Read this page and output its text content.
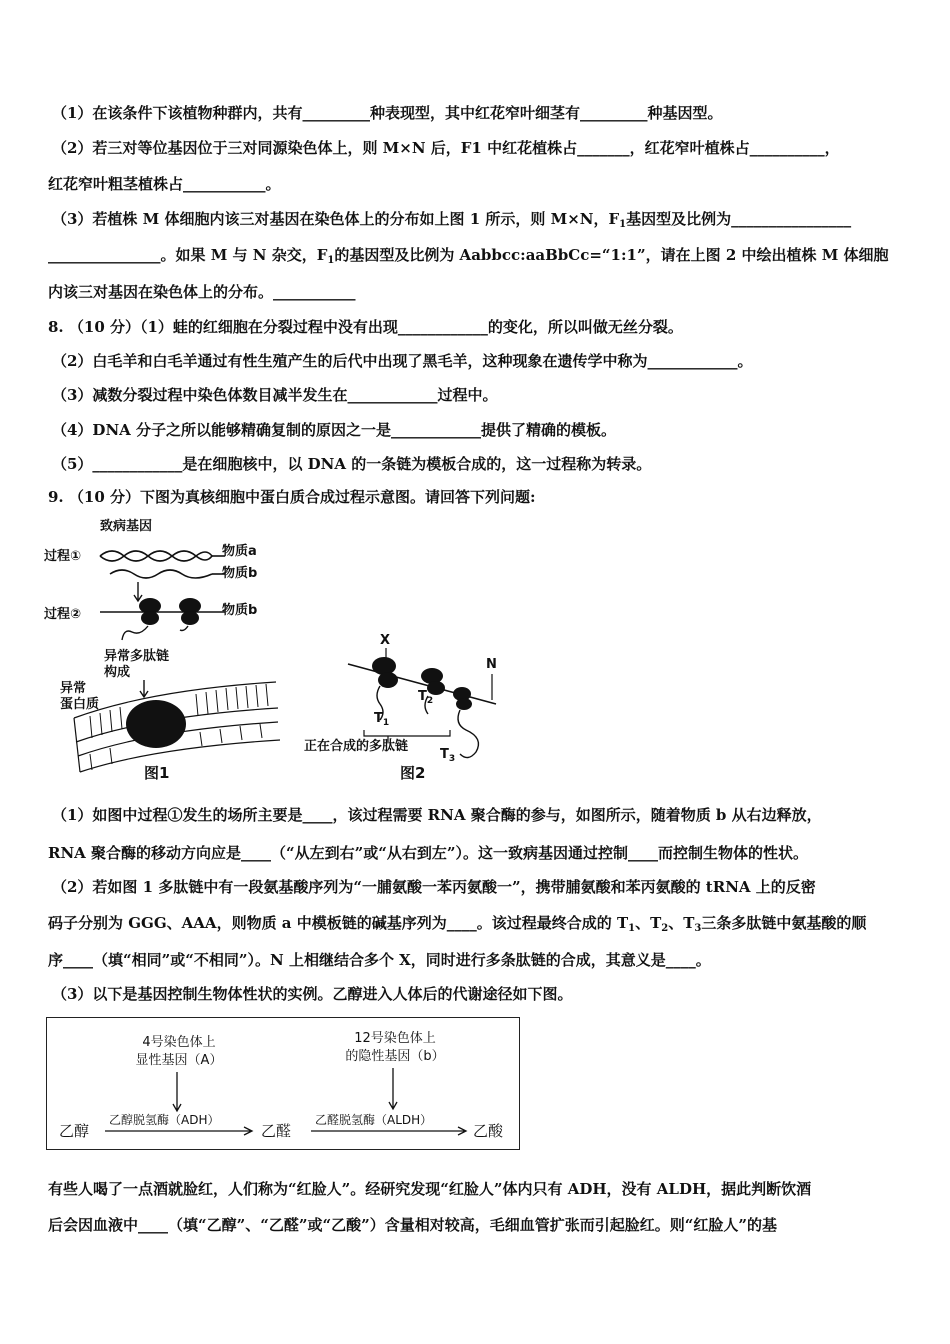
（1）在该条件下该植物种群内，共有_________种表现型，其中红花窄叶细茎有_________种基因型。
（2）若三对等位基因位于三对同源染色体上，则 M×N 后，F1 中红花植株占_______，红花窄叶植株占__________，
红花窄叶粗茎植株占___________。
（3）若植株 M 体细胞内该三对基因在染色体上的分布如上图 1 所示，则 M×N，$F_1$基因型及比例为________________
_______________。如果 M 与 N 杂交，$F_1$的基因型及比例为 Aabbcc:aaBbCc=“1:1”，请在上图 2 中绘出植株 M 体细胞
内该三对基因在染色体上的分布。___________
8. （10 分）（1）蛙的红细胞在分裂过程中没有出现____________的变化，所以叫做无丝分裂。
（2）白毛羊和白毛羊通过有性生殖产生的后代中出现了黑毛羊，这种现象在遗传学中称为____________。
（3）减数分裂过程中染色体数目减半发生在____________过程中。
（4）DNA 分子之所以能够精确复制的原因之一是____________提供了精确的模板。
（5）____________是在细胞核中，以 DNA 的一条链为模板合成的，这一过程称为转录。
9. （10 分）下图为真核细胞中蛋白质合成过程示意图。请回答下列问题:
致病基因
过程①	物质a
物质b
过程②	物质b
异常多肽链
构成
异常
蛋白质
图1
X
N
$T_1$
$T_2$
正在合成的多肽链
$T_3$
图2
（1）如图中过程①发生的场所主要是____，该过程需要 RNA 聚合酶的参与，如图所示，随着物质 b 从右边释放，
RNA 聚合酶的移动方向应是____（“从左到右”或“从右到左”）。这一致病基因通过控制____而控制生物体的性状。
（2）若如图 1 多肽链中有一段氨基酸序列为“一脯氨酸一苯丙氨酸一”，携带脯氨酸和苯丙氨酸的 tRNA 上的反密
码子分别为 GGG、AAA，则物质 a 中模板链的碱基序列为____。该过程最终合成的 $T_1$、$T_2$、$T_3$三条多肽链中氨基酸的顺
序____（填“相同”或“不相同”）。N 上相继结合多个 X，同时进行多条肽链的合成，其意义是____。
（3）以下是基因控制生物体性状的实例。乙醇进入人体后的代谢途径如下图。
4号染色体上
显性基因（A）
12号染色体上
的隐性基因（b）
乙醇
乙醇脱氢酶（ADH）
乙醛
乙醛脱氢酶（ALDH）
乙酸
有些人喝了一点酒就脸红，人们称为“红脸人”。经研究发现“红脸人”体内只有 ADH，没有 ALDH，据此判断饮酒
后会因血液中____（填“乙醇”、“乙醛”或“乙酸”）含量相对较高，毛细血管扩张而引起脸红。则“红脸人”的基
